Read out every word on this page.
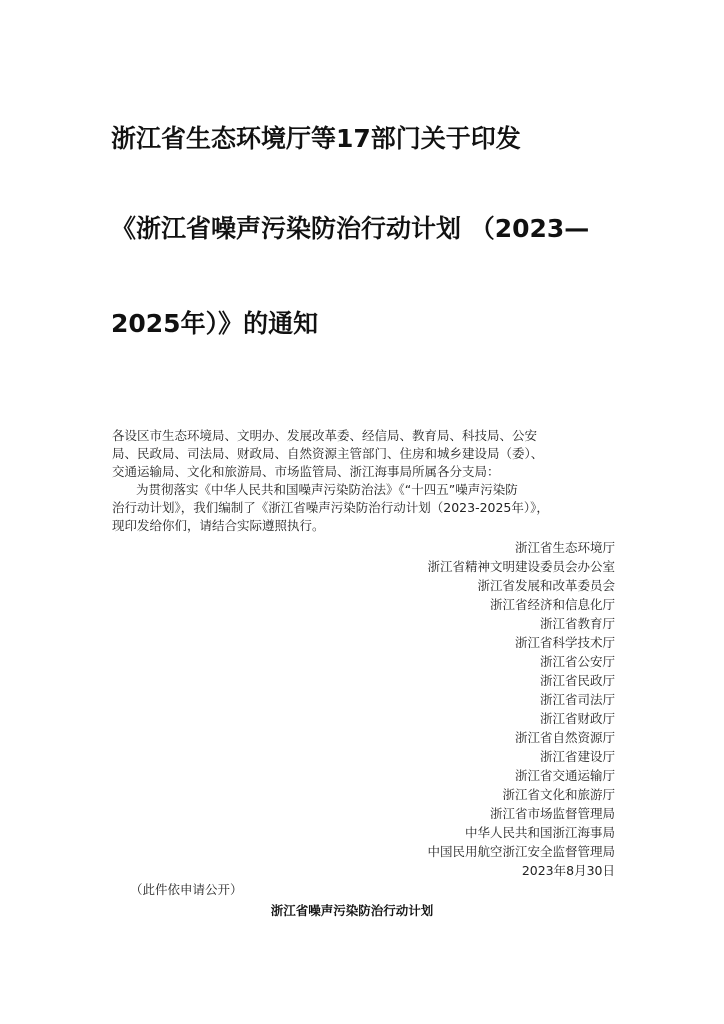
浙江省生态环境厅等17部门关于印发
《浙江省噪声污染防治行动计划 （2023—
2025年）》的通知
各设区市生态环境局、文明办、发展改革委、经信局、教育局、科技局、公安
局、民政局、司法局、财政局、自然资源主管部门、住房和城乡建设局（委）、
交通运输局、文化和旅游局、市场监管局、浙江海事局所属各分支局：
为贯彻落实《中华人民共和国噪声污染防治法》《“十四五”噪声污染防
治行动计划》，我们编制了《浙江省噪声污染防治行动计划（2023-2025年）》，
现印发给你们，请结合实际遵照执行。
浙江省生态环境厅
浙江省精神文明建设委员会办公室
浙江省发展和改革委员会
浙江省经济和信息化厅
浙江省教育厅
浙江省科学技术厅
浙江省公安厅
浙江省民政厅
浙江省司法厅
浙江省财政厅
浙江省自然资源厅
浙江省建设厅
浙江省交通运输厅
浙江省文化和旅游厅
浙江省市场监督管理局
中华人民共和国浙江海事局
中国民用航空浙江安全监督管理局
2023年8月30日
（此件依申请公开）
浙江省噪声污染防治行动计划
